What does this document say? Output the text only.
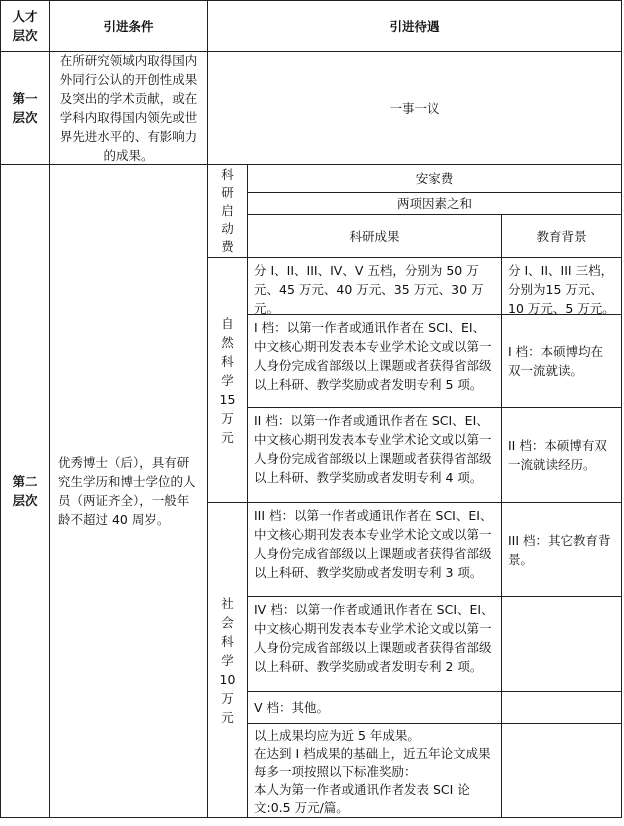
人才
层次
引进条件	引进待遇
第一
层次
在所研究领域内取得国内外同行公认的开创性成果及突出的学术贡献，或在学科内取得国内领先或世界先进水平的、有影响力的成果。
一事一议
第二
层次
优秀博士（后），具有研究生学历和博士学位的人员（两证齐全），一般年龄不超过 40 周岁。
科
研
启
动
费
自
然
科
学
15
万
元
社
会
科
学
10
万
元
安家费
两项因素之和
科研成果	教育背景
分 I、II、III、IV、V 五档，分别为 50 万元、45 万元、40 万元、35 万元、30 万元。
I 档：以第一作者或通讯作者在 SCI、EI、中文核心期刊发表本专业学术论文或以第一人身份完成省部级以上课题或者获得省部级以上科研、教学奖励或者发明专利 5 项。
II 档：以第一作者或通讯作者在 SCI、EI、中文核心期刊发表本专业学术论文或以第一人身份完成省部级以上课题或者获得省部级以上科研、教学奖励或者发明专利 4 项。
III 档：以第一作者或通讯作者在 SCI、EI、中文核心期刊发表本专业学术论文或以第一人身份完成省部级以上课题或者获得省部级以上科研、教学奖励或者发明专利 3 项。
IV 档：以第一作者或通讯作者在 SCI、EI、中文核心期刊发表本专业学术论文或以第一人身份完成省部级以上课题或者获得省部级以上科研、教学奖励或者发明专利 2 项。
V 档：其他。
以上成果均应为近 5 年成果。
在达到 I 档成果的基础上，近五年论文成果每多一项按照以下标准奖励：
本人为第一作者或通讯作者发表 SCI 论文:0.5 万元/篇。
分 I、II、III 三档，分别为15 万元、10 万元、5 万元。
I 档：本硕博均在双一流就读。
II 档：本硕博有双一流就读经历。
III 档：其它教育背景。
